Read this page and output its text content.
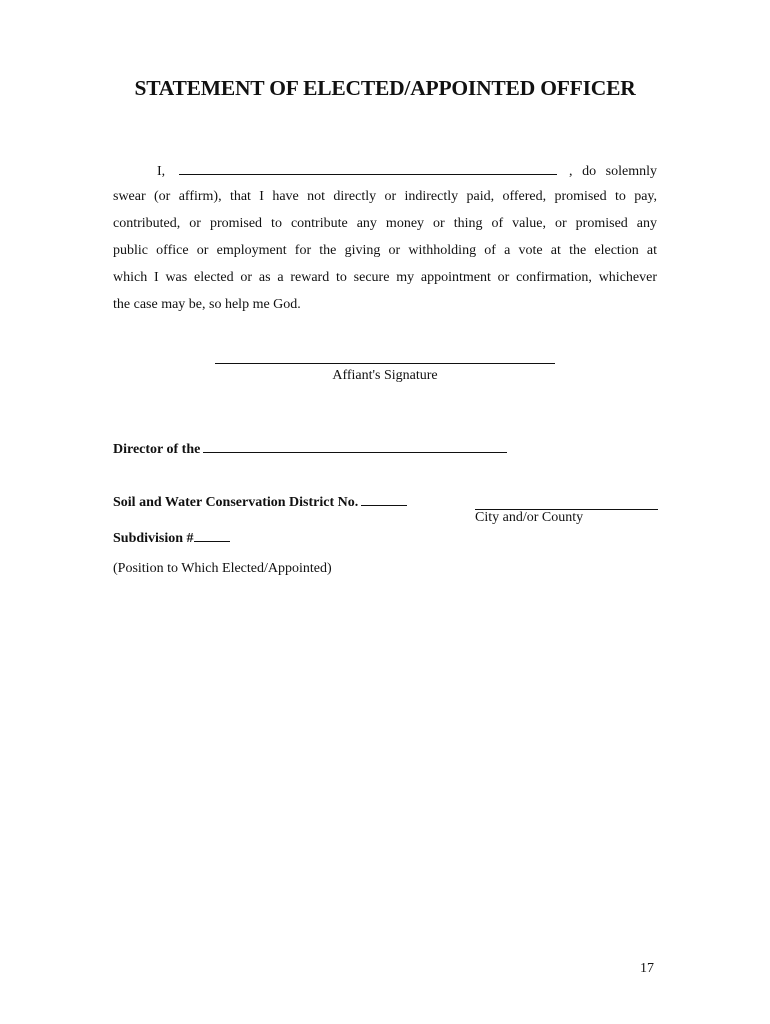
STATEMENT OF ELECTED/APPOINTED OFFICER
I,	, do solemnly
swear (or affirm), that I have not directly or indirectly paid, offered, promised to pay,
contributed, or promised to contribute any money or thing of value, or promised any
public office or employment for the giving or withholding of a vote at the election at
which I was elected or as a reward to secure my appointment or confirmation, whichever
the case may be, so help me God.
Affiant's Signature
Director of the
Soil and Water Conservation District No.
City and/or County
Subdivision #
(Position to Which Elected/Appointed)
17
